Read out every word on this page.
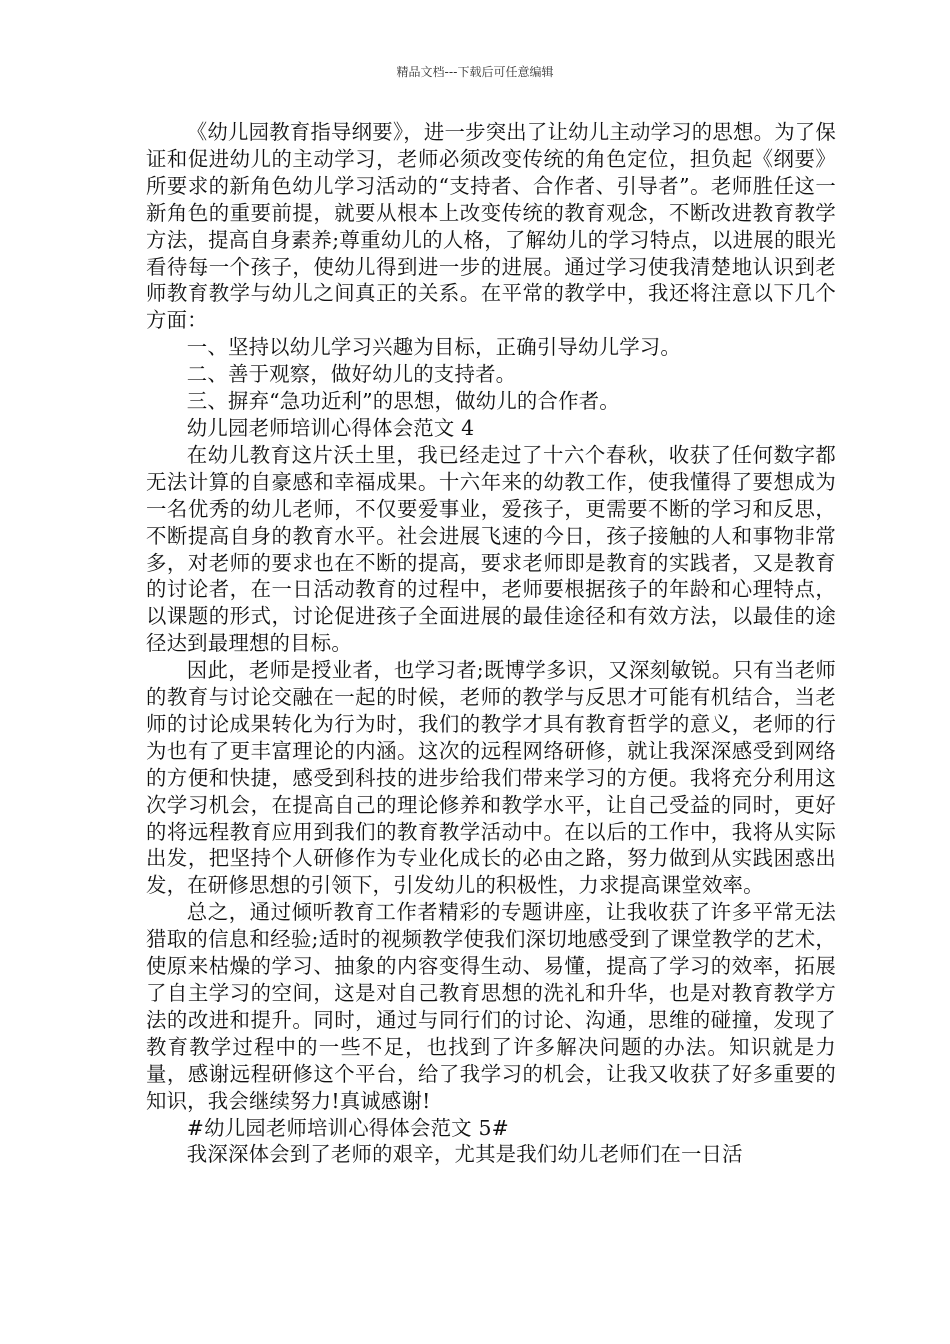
精品文档---下载后可任意编辑

《幼儿园教育指导纲要》，进一步突出了让幼儿主动学习的思想。为了保证和促进幼儿的主动学习，老师必须改变传统的角色定位，担负起《纲要》所要求的新角色幼儿学习活动的“支持者、合作者、引导者”。老师胜任这一新角色的重要前提，就要从根本上改变传统的教育观念，不断改进教育教学方法，提高自身素养;尊重幼儿的人格，了解幼儿的学习特点，以进展的眼光看待每一个孩子，使幼儿得到进一步的进展。通过学习使我清楚地认识到老师教育教学与幼儿之间真正的关系。在平常的教学中，我还将注意以下几个方面：

一、坚持以幼儿学习兴趣为目标，正确引导幼儿学习。

二、善于观察，做好幼儿的支持者。

三、摒弃“急功近利”的思想，做幼儿的合作者。

幼儿园老师培训心得体会范文 4

在幼儿教育这片沃土里，我已经走过了十六个春秋，收获了任何数字都无法计算的自豪感和幸福成果。十六年来的幼教工作，使我懂得了要想成为一名优秀的幼儿老师，不仅要爱事业，爱孩子，更需要不断的学习和反思，不断提高自身的教育水平。社会进展飞速的今日，孩子接触的人和事物非常多，对老师的要求也在不断的提高，要求老师即是教育的实践者，又是教育的讨论者，在一日活动教育的过程中，老师要根据孩子的年龄和心理特点，以课题的形式，讨论促进孩子全面进展的最佳途径和有效方法，以最佳的途径达到最理想的目标。

因此，老师是授业者，也学习者;既博学多识，又深刻敏锐。只有当老师的教育与讨论交融在一起的时候，老师的教学与反思才可能有机结合，当老师的讨论成果转化为行为时，我们的教学才具有教育哲学的意义，老师的行为也有了更丰富理论的内涵。这次的远程网络研修，就让我深深感受到网络的方便和快捷，感受到科技的进步给我们带来学习的方便。我将充分利用这次学习机会，在提高自己的理论修养和教学水平，让自己受益的同时，更好的将远程教育应用到我们的教育教学活动中。在以后的工作中，我将从实际出发，把坚持个人研修作为专业化成长的必由之路，努力做到从实践困惑出发，在研修思想的引领下，引发幼儿的积极性，力求提高课堂效率。

总之，通过倾听教育工作者精彩的专题讲座，让我收获了许多平常无法猎取的信息和经验;适时的视频教学使我们深切地感受到了课堂教学的艺术，使原来枯燥的学习、抽象的内容变得生动、易懂，提高了学习的效率，拓展了自主学习的空间，这是对自己教育思想的洗礼和升华，也是对教育教学方法的改进和提升。同时，通过与同行们的讨论、沟通，思维的碰撞，发现了教育教学过程中的一些不足，也找到了许多解决问题的办法。知识就是力量，感谢远程研修这个平台，给了我学习的机会，让我又收获了好多重要的知识，我会继续努力!真诚感谢!

#幼儿园老师培训心得体会范文 5#

我深深体会到了老师的艰辛，尤其是我们幼儿老师们在一日活
